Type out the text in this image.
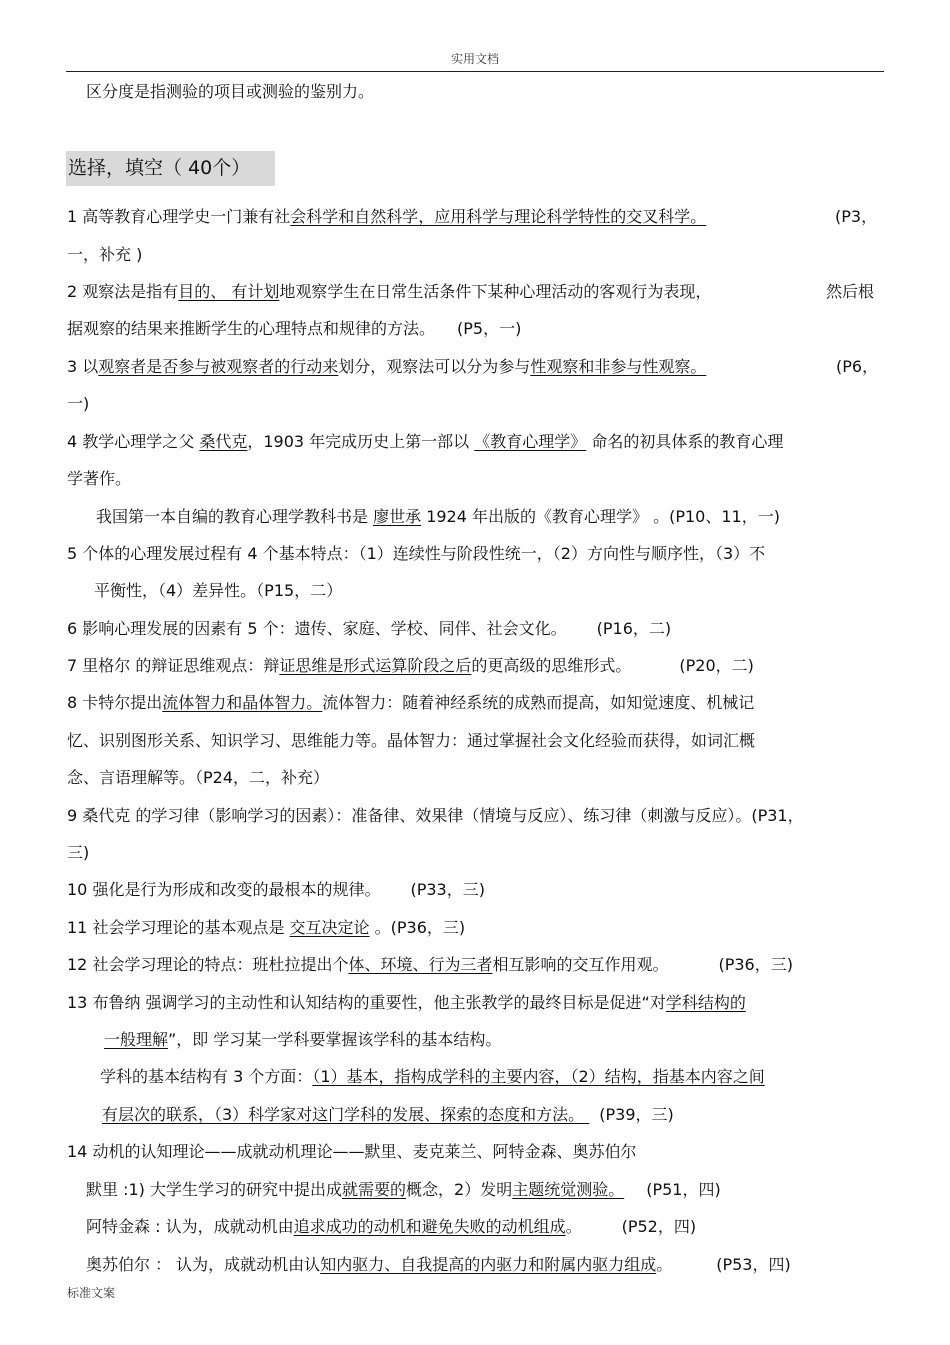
实用文档
区分度是指测验的项目或测验的鉴别力。
选择，填空（ 40个）
1 高等教育心理学史一门兼有社会科学和自然科学，应用科学与理论科学特性的交叉科学。	(P3，
一，补充 )
2 观察法是指有目的、 有计划地观察学生在日常生活条件下某种心理活动的客观行为表现，	然后根
据观察的结果来推断学生的心理特点和规律的方法。 (P5，一)
3 以观察者是否参与被观察者的行动来划分，观察法可以分为参与性观察和非参与性观察。	(P6，
一)
4 教学心理学之父 桑代克，1903 年完成历史上第一部以 《教育心理学》 命名的初具体系的教育心理
学著作。
我国第一本自编的教育心理学教科书是 廖世承 1924 年出版的《教育心理学》 。(P10、11，一)
5 个体的心理发展过程有 4 个基本特点：（1）连续性与阶段性统一，（2）方向性与顺序性，（3）不
平衡性，（4）差异性。（P15，二）
6 影响心理发展的因素有 5 个：遗传、家庭、学校、同伴、社会文化。 (P16，二)
7 里格尔 的辩证思维观点：辩证思维是形式运算阶段之后的更高级的思维形式。	(P20，二)
8 卡特尔提出流体智力和晶体智力。流体智力：随着神经系统的成熟而提高，如知觉速度、机械记
忆、识别图形关系、知识学习、思维能力等。晶体智力：通过掌握社会文化经验而获得，如词汇概
念、言语理解等。（P24，二，补充）
9 桑代克 的学习律（影响学习的因素）：准备律、效果律（情境与反应）、练习律（刺激与反应）。(P31，
三)
10 强化是行为形成和改变的最根本的规律。 (P33，三)
11 社会学习理论的基本观点是 交互决定论 。(P36，三)
12 社会学习理论的特点：班杜拉提出个体、环境、行为三者相互影响的交互作用观。	(P36，三)
13 布鲁纳 强调学习的主动性和认知结构的重要性，他主张教学的最终目标是促进“对学科结构的
一般理解”，即 学习某一学科要掌握该学科的基本结构。
学科的基本结构有 3 个方面：（1）基本，指构成学科的主要内容，（2）结构，指基本内容之间
有层次的联系，（3）科学家对这门学科的发展、探索的态度和方法。 (P39，三)
14 动机的认知理论——成就动机理论——默里、麦克莱兰、阿特金森、奥苏伯尔
默里 :1) 大学生学习的研究中提出成就需要的概念，2）发明主题统觉测验。 (P51，四)
阿特金森 : 认为，成就动机由追求成功的动机和避免失败的动机组成。	(P52，四)
奥苏伯尔 ： 认为，成就动机由认知内驱力、自我提高的内驱力和附属内驱力组成。	(P53，四)
标准文案
